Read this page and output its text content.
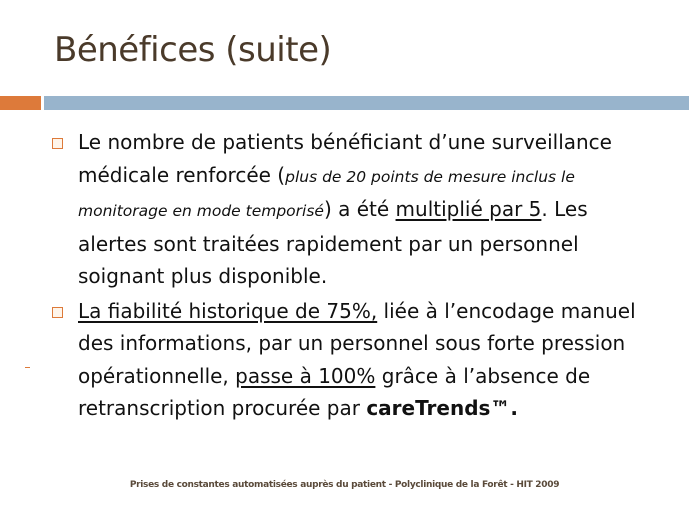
Bénéfices (suite)
Le nombre de patients bénéficiant d’une surveillance médicale renforcée (plus de 20 points de mesure inclus le monitorage en mode temporisé) a été multiplié par 5. Les alertes sont traitées rapidement par un personnel soignant plus disponible.
La fiabilité historique de 75%, liée à l’encodage manuel des informations, par un personnel sous forte pression opérationnelle, passe à 100% grâce à l’absence de retranscription procurée par careTrends™.
Prises de constantes automatisées auprès du patient - Polyclinique de la Forêt - HIT 2009
